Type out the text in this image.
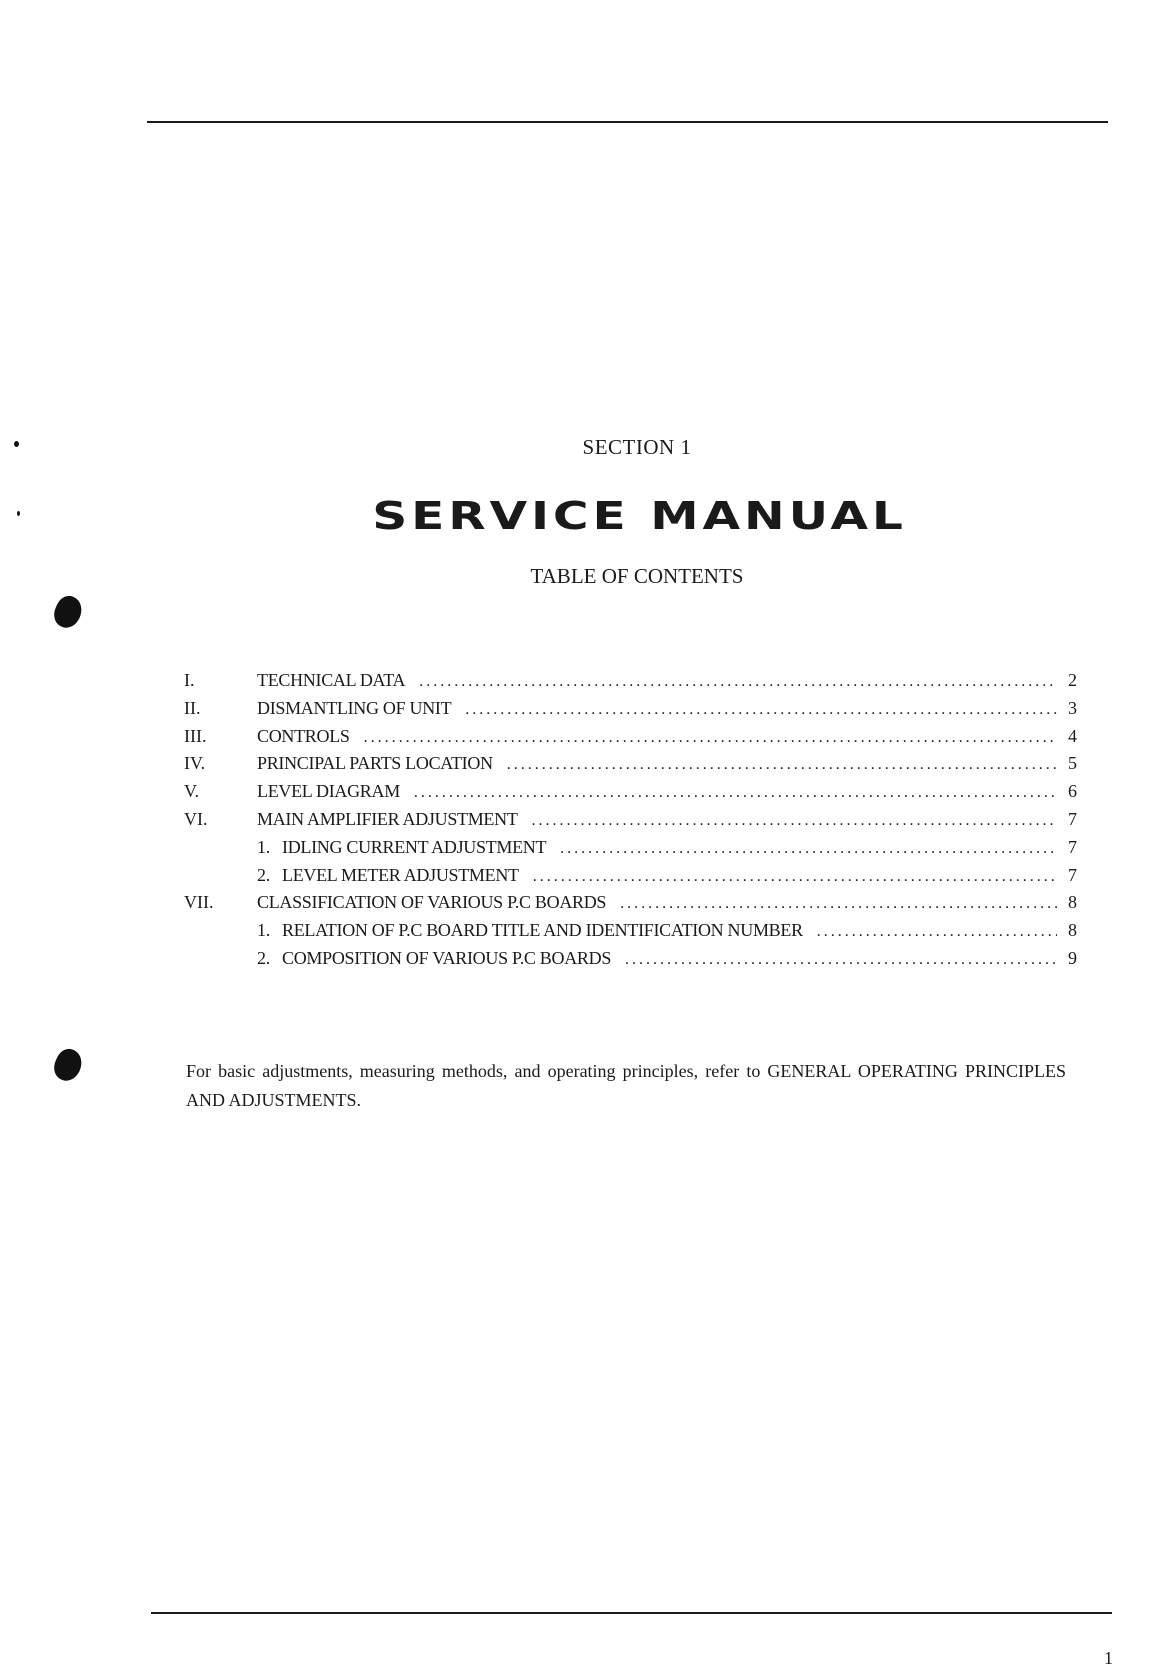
SECTION 1
SERVICE MANUAL
TABLE OF CONTENTS
I.	TECHNICAL DATA . . .	2
II.	DISMANTLING OF UNIT . . .	3
III.	CONTROLS . . .	4
IV.	PRINCIPAL PARTS LOCATION . . .	5
V.	LEVEL DIAGRAM . . .	6
VI.	MAIN AMPLIFIER ADJUSTMENT . . .	7
1. IDLING CURRENT ADJUSTMENT . . .	7
2. LEVEL METER ADJUSTMENT . . .	7
VII.	CLASSIFICATION OF VARIOUS P.C BOARDS . . .	8
1. RELATION OF P.C BOARD TITLE AND IDENTIFICATION NUMBER . . .	8
2. COMPOSITION OF VARIOUS P.C BOARDS . . .	9
For basic adjustments, measuring methods, and operating principles, refer to GENERAL OPERATING PRINCIPLES AND ADJUSTMENTS.
1
